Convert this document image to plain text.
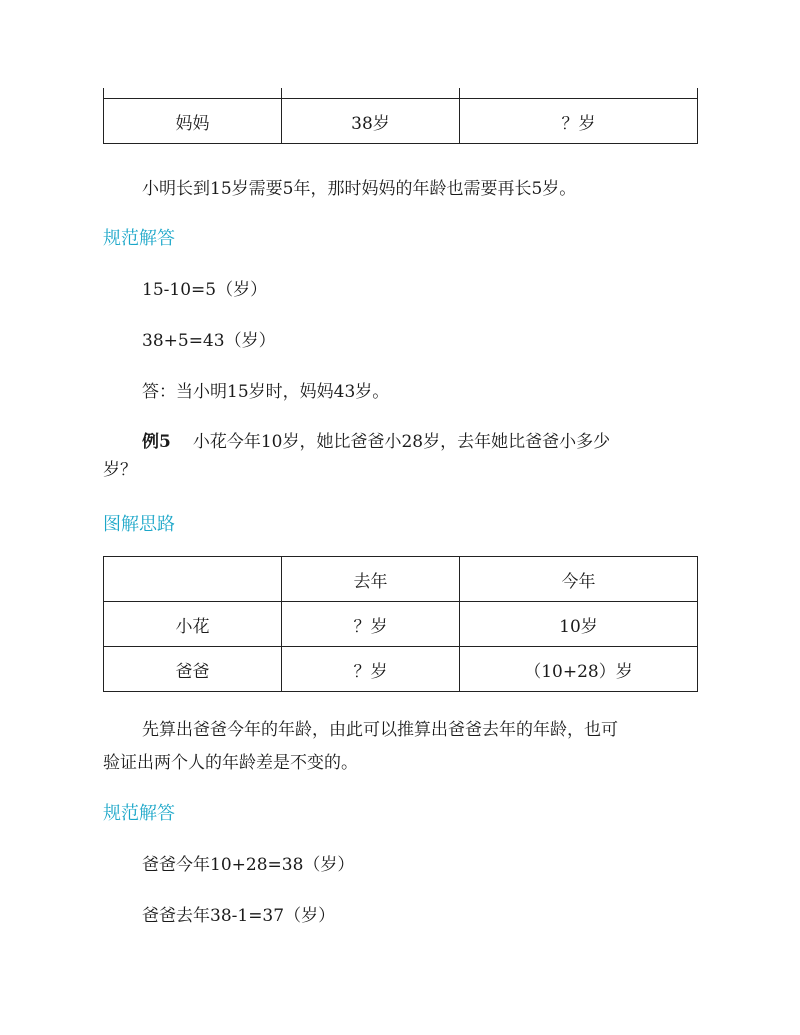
妈妈	38岁	？岁
小明长到15岁需要5年，那时妈妈的年龄也需要再长5岁。
规范解答
15-10=5（岁）
38+5=43（岁）
答：当小明15岁时，妈妈43岁。
例5 小花今年10岁，她比爸爸小28岁，去年她比爸爸小多少
岁？
图解思路
	去年	今年
小花	？岁	10岁
爸爸	？岁	（10+28）岁
先算出爸爸今年的年龄，由此可以推算出爸爸去年的年龄，也可
验证出两个人的年龄差是不变的。
规范解答
爸爸今年10+28=38（岁）
爸爸去年38-1=37（岁）
